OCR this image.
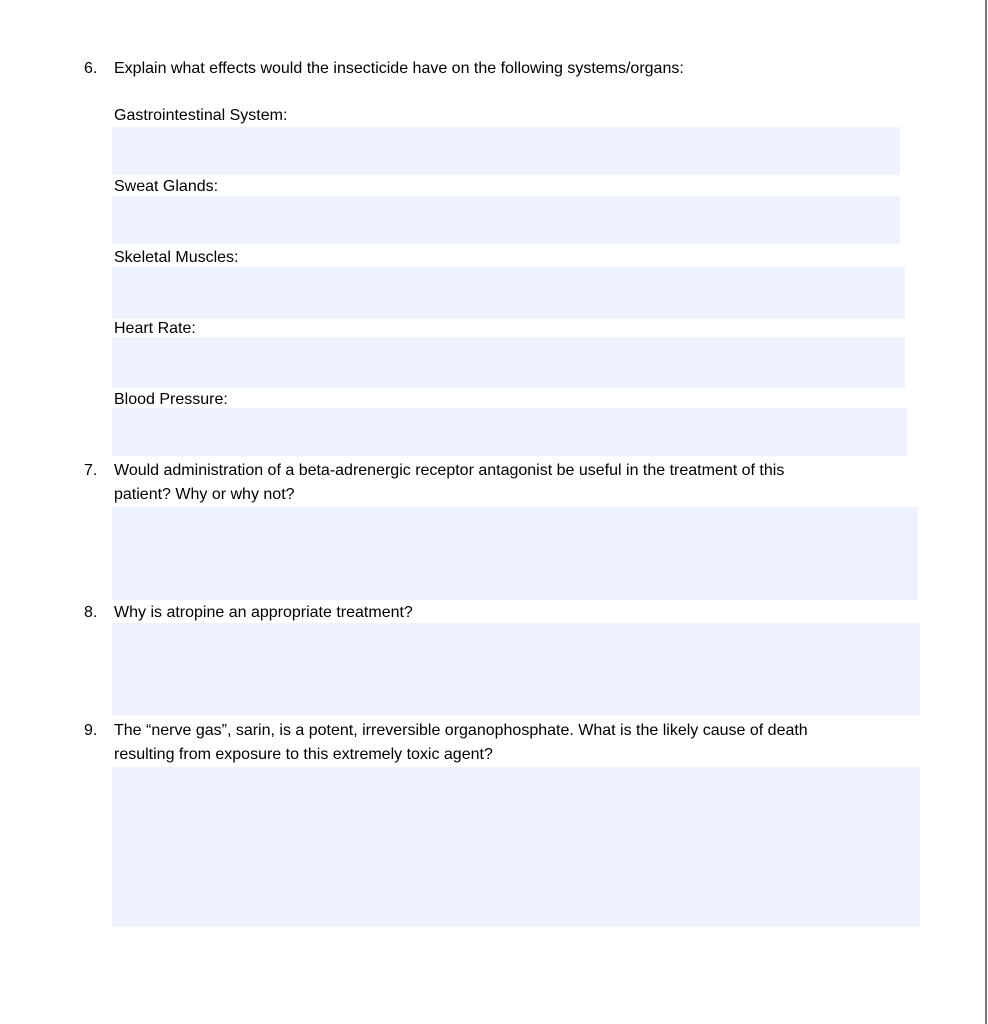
6. Explain what effects would the insecticide have on the following systems/organs:
Gastrointestinal System:
Sweat Glands:
Skeletal Muscles:
Heart Rate:
Blood Pressure:
7. Would administration of a beta-adrenergic receptor antagonist be useful in the treatment of this
patient? Why or why not?
8. Why is atropine an appropriate treatment?
9. The “nerve gas”, sarin, is a potent, irreversible organophosphate. What is the likely cause of death
resulting from exposure to this extremely toxic agent?
